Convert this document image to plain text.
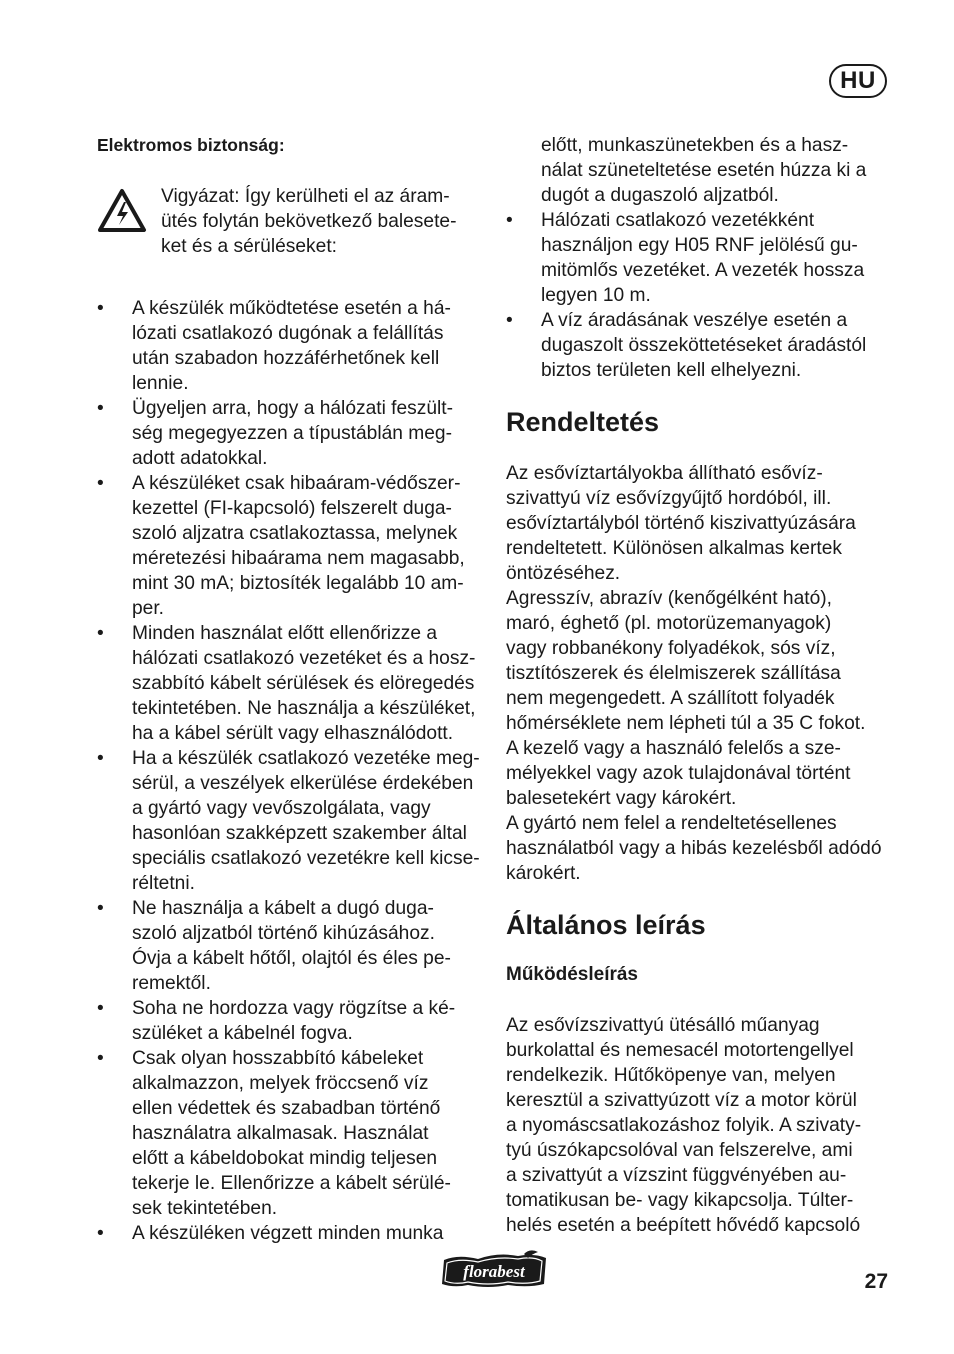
HU
Elektromos biztonság:
Vigyázat: Így kerülheti el az áram-
ütés folytán bekövetkező balesete-
ket és a sérüléseket:
• A készülék működtetése esetén a há-
lózati csatlakozó dugónak a felállítás
után szabadon hozzáférhetőnek kell
lennie.
• Ügyeljen arra, hogy a hálózati feszült-
ség megegyezzen a típustáblán meg-
adott adatokkal.
• A készüléket csak hibaáram-védőszer-
kezettel (FI-kapcsoló) felszerelt duga-
szoló aljzatra csatlakoztassa, melynek
méretezési hibaárama nem magasabb,
mint 30 mA; biztosíték legalább 10 am-
per.
• Minden használat előtt ellenőrizze a
hálózati csatlakozó vezetéket és a hosz-
szabbító kábelt sérülések és elöregedés
tekintetében. Ne használja a készüléket,
ha a kábel sérült vagy elhasználódott.
• Ha a készülék csatlakozó vezetéke meg-
sérül, a veszélyek elkerülése érdekében
a gyártó vagy vevőszolgálata, vagy
hasonlóan szakképzett szakember által
speciális csatlakozó vezetékre kell kicse-
réltetni.
• Ne használja a kábelt a dugó duga-
szoló aljzatból történő kihúzásához.
Óvja a kábelt hőtől, olajtól és éles pe-
remektől.
• Soha ne hordozza vagy rögzítse a ké-
szüléket a kábelnél fogva.
• Csak olyan hosszabbító kábeleket
alkalmazzon, melyek fröccsenő víz
ellen védettek és szabadban történő
használatra alkalmasak. Használat
előtt a kábeldobokat mindig teljesen
tekerje le. Ellenőrizze a kábelt sérülé-
sek tekintetében.
• A készüléken végzett minden munka
előtt, munkaszünetekben és a hasz-
nálat szüneteltetése esetén húzza ki a
dugót a dugaszoló aljzatból.
• Hálózati csatlakozó vezetékként
használjon egy H05 RNF jelölésű gu-
mitömlős vezetéket. A vezeték hossza
legyen 10 m.
• A víz áradásának veszélye esetén a
dugaszolt összeköttetéseket áradástól
biztos területen kell elhelyezni.
Rendeltetés

Az esővíztartályokba állítható esővíz-

szivattyú víz esővízgyűjtő hordóból, ill.

esővíztartályból történő kiszivattyúzására

rendeltetett. Különösen alkalmas kertek

öntözéséhez.

Agresszív, abrazív (kenőgélként ható),

maró, éghető (pl. motorüzemanyagok)

vagy robbanékony folyadékok, sós víz,

tisztítószerek és élelmiszerek szállítása

nem megengedett. A szállított folyadék

hőmérséklete nem lépheti túl a 35 C fokot.

A kezelő vagy a használó felelős a sze-

mélyekkel vagy azok tulajdonával történt

balesetekért vagy károkért.

A gyártó nem felel a rendeltetésellenes

használatból vagy a hibás kezelésből adódó

károkért.

Általános leírás
Működésleírás

Az esővízszivattyú ütésálló műanyag

burkolattal és nemesacél motortengellyel

rendelkezik. Hűtőköpenye van, melyen

keresztül a szivattyúzott víz a motor körül

a nyomáscsatlakozáshoz folyik. A szivaty-

tyú úszókapcsolóval van felszerelve, ami

a szivattyút a vízszint függvényében au-

tomatikusan be- vagy kikapcsolja. Túlter-

helés esetén a beépített hővédő kapcsoló

florabest	27
